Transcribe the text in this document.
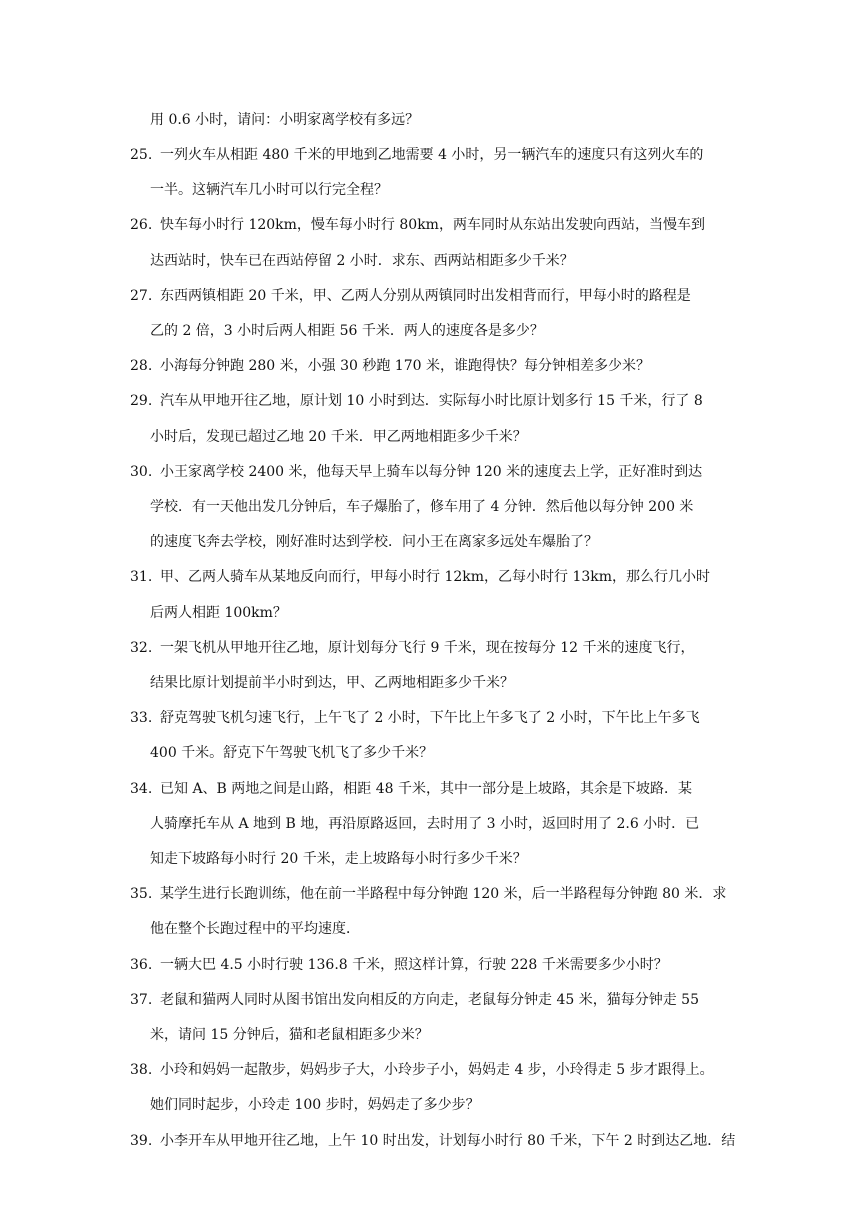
用 0.6 小时，请问：小明家离学校有多远？
25. 一列火车从相距 480 千米的甲地到乙地需要 4 小时，另一辆汽车的速度只有这列火车的
一半。这辆汽车几小时可以行完全程？
26. 快车每小时行 120km，慢车每小时行 80km，两车同时从东站出发驶向西站，当慢车到
达西站时，快车已在西站停留 2 小时．求东、西两站相距多少千米？
27. 东西两镇相距 20 千米，甲、乙两人分别从两镇同时出发相背而行，甲每小时的路程是
乙的 2 倍，3 小时后两人相距 56 千米．两人的速度各是多少？
28. 小海每分钟跑 280 米，小强 30 秒跑 170 米，谁跑得快？每分钟相差多少米？
29. 汽车从甲地开往乙地，原计划 10 小时到达．实际每小时比原计划多行 15 千米，行了 8
小时后，发现已超过乙地 20 千米．甲乙两地相距多少千米？
30. 小王家离学校 2400 米，他每天早上骑车以每分钟 120 米的速度去上学，正好准时到达
学校．有一天他出发几分钟后，车子爆胎了，修车用了 4 分钟．然后他以每分钟 200 米
的速度飞奔去学校，刚好准时达到学校．问小王在离家多远处车爆胎了？
31. 甲、乙两人骑车从某地反向而行，甲每小时行 12km，乙每小时行 13km，那么行几小时
后两人相距 100km？
32. 一架飞机从甲地开往乙地，原计划每分飞行 9 千米，现在按每分 12 千米的速度飞行，
结果比原计划提前半小时到达，甲、乙两地相距多少千米？
33. 舒克驾驶飞机匀速飞行，上午飞了 2 小时，下午比上午多飞了 2 小时，下午比上午多飞
400 千米。舒克下午驾驶飞机飞了多少千米？
34. 已知 A、B 两地之间是山路，相距 48 千米，其中一部分是上坡路，其余是下坡路．某
人骑摩托车从 A 地到 B 地，再沿原路返回，去时用了 3 小时，返回时用了 2.6 小时．已
知走下坡路每小时行 20 千米，走上坡路每小时行多少千米？
35. 某学生进行长跑训练，他在前一半路程中每分钟跑 120 米，后一半路程每分钟跑 80 米．求
他在整个长跑过程中的平均速度．
36. 一辆大巴 4.5 小时行驶 136.8 千米，照这样计算，行驶 228 千米需要多少小时？
37. 老鼠和猫两人同时从图书馆出发向相反的方向走，老鼠每分钟走 45 米，猫每分钟走 55
米，请问 15 分钟后，猫和老鼠相距多少米？
38. 小玲和妈妈一起散步，妈妈步子大，小玲步子小，妈妈走 4 步，小玲得走 5 步才跟得上。
她们同时起步，小玲走 100 步时，妈妈走了多少步？
39. 小李开车从甲地开往乙地，上午 10 时出发，计划每小时行 80 千米，下午 2 时到达乙地．结
